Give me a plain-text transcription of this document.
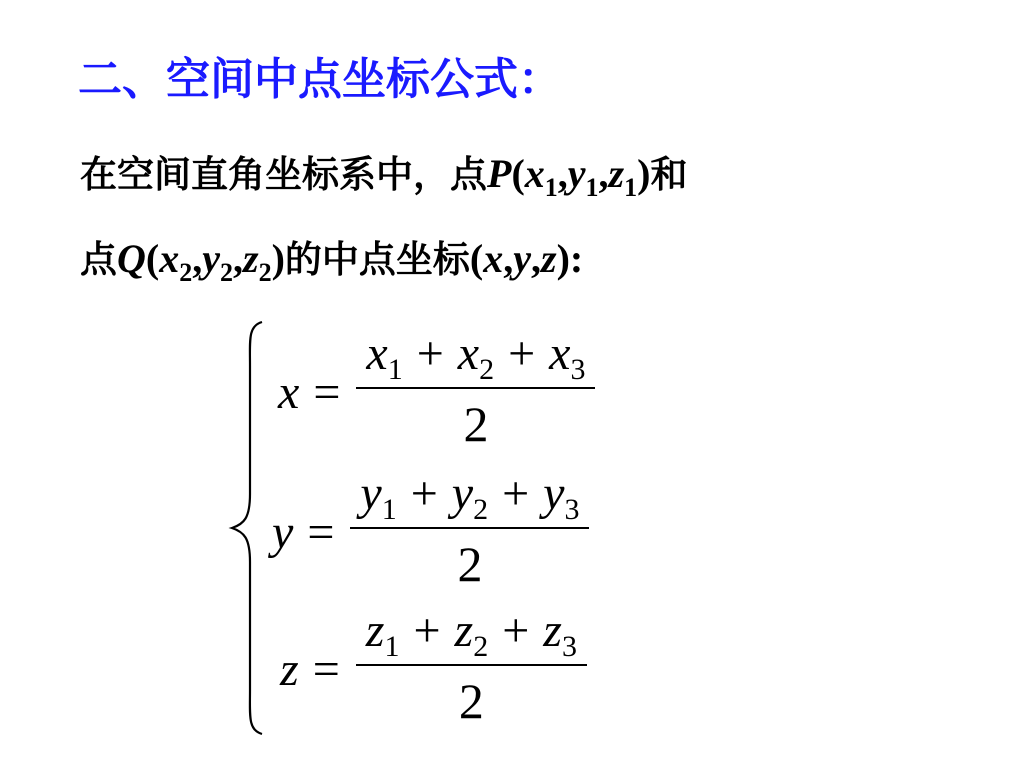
二、空间中点坐标公式：
在空间直角坐标系中，点$P(x_1,y_1,z_1)$和
点$Q(x_2,y_2,z_2)$的中点坐标(x,y,z):
$x = \frac{x_1 + x_2 + x_3}{2}$
$y = \frac{y_1 + y_2 + y_3}{2}$
$z = \frac{z_1 + z_2 + z_3}{2}$
